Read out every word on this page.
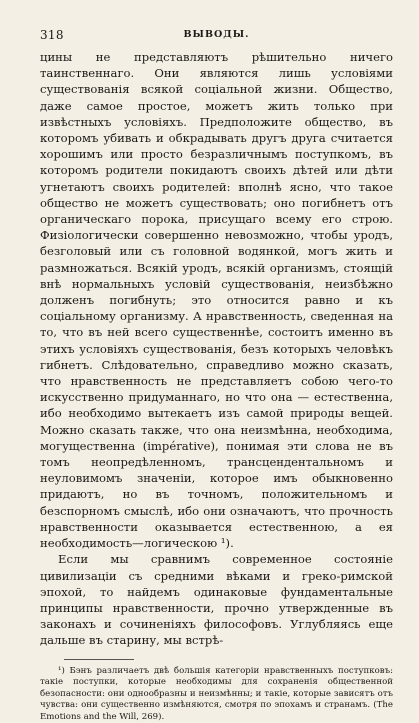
318	ВЫВОДЫ.

цины не представляютъ рѣшительно ничего таинственнаго. Они являются лишь условіями существованія всякой соціальной жизни. Общество, даже самое простое, можетъ жить только при извѣстныхъ условіяхъ. Предположите общество, въ которомъ убивать и обкрадывать другъ друга считается хорошимъ или просто безразличнымъ поступкомъ, въ которомъ родители покидаютъ своихъ дѣтей или дѣти угнетаютъ своихъ родителей: вполнѣ ясно, что такое общество не можетъ существовать; оно погибнетъ отъ органическаго порока, присущаго всему его строю. Физіологически совершенно невозможно, чтобы уродъ, безголовый или съ головной водянкой, могъ жить и размножаться. Всякій уродъ, всякій организмъ, стоящій внѣ нормальныхъ условій существованія, неизбѣжно долженъ погибнуть; это относится равно и къ соціальному организму. А нравственность, сведенная на то, что въ ней всего существеннѣе, состоитъ именно въ этихъ условіяхъ существованія, безъ которыхъ человѣкъ гибнетъ. Слѣдовательно, справедливо можно сказать, что нравственность не представляетъ собою чего-то искусственно придуманнаго, но что она — естественна, ибо необходимо вытекаетъ изъ самой природы вещей. Можно сказать также, что она неизмѣнна, необходима, могущественна (impérative), понимая эти слова не въ томъ неопредѣленномъ, трансцендентальномъ и неуловимомъ значеніи, которое имъ обыкновенно придаютъ, но въ точномъ, положительномъ и безспорномъ смыслѣ, ибо они означаютъ, что прочность нравственности оказывается естественною, а ея необходимость—логическою ¹).

Если мы сравнимъ современное состояніе цивилизаціи съ средними вѣками и греко-римской эпохой, то найдемъ одинаковые фундаментальные принципы нравственности, прочно утвержденные въ законахъ и сочиненіяхъ философовъ. Углубляясь еще дальше въ старину, мы встрѣ-

¹) Бэнъ различаетъ двѣ большія категоріи нравственныхъ поступковъ: такіе поступки, которые необходимы для сохраненія общественной безопасности: они однообразны и неизмѣнны; и такіе, которые зависятъ отъ чувства: они существенно измѣняются, смотря по эпохамъ и странамъ. (The Emotions and the Will, 269).
